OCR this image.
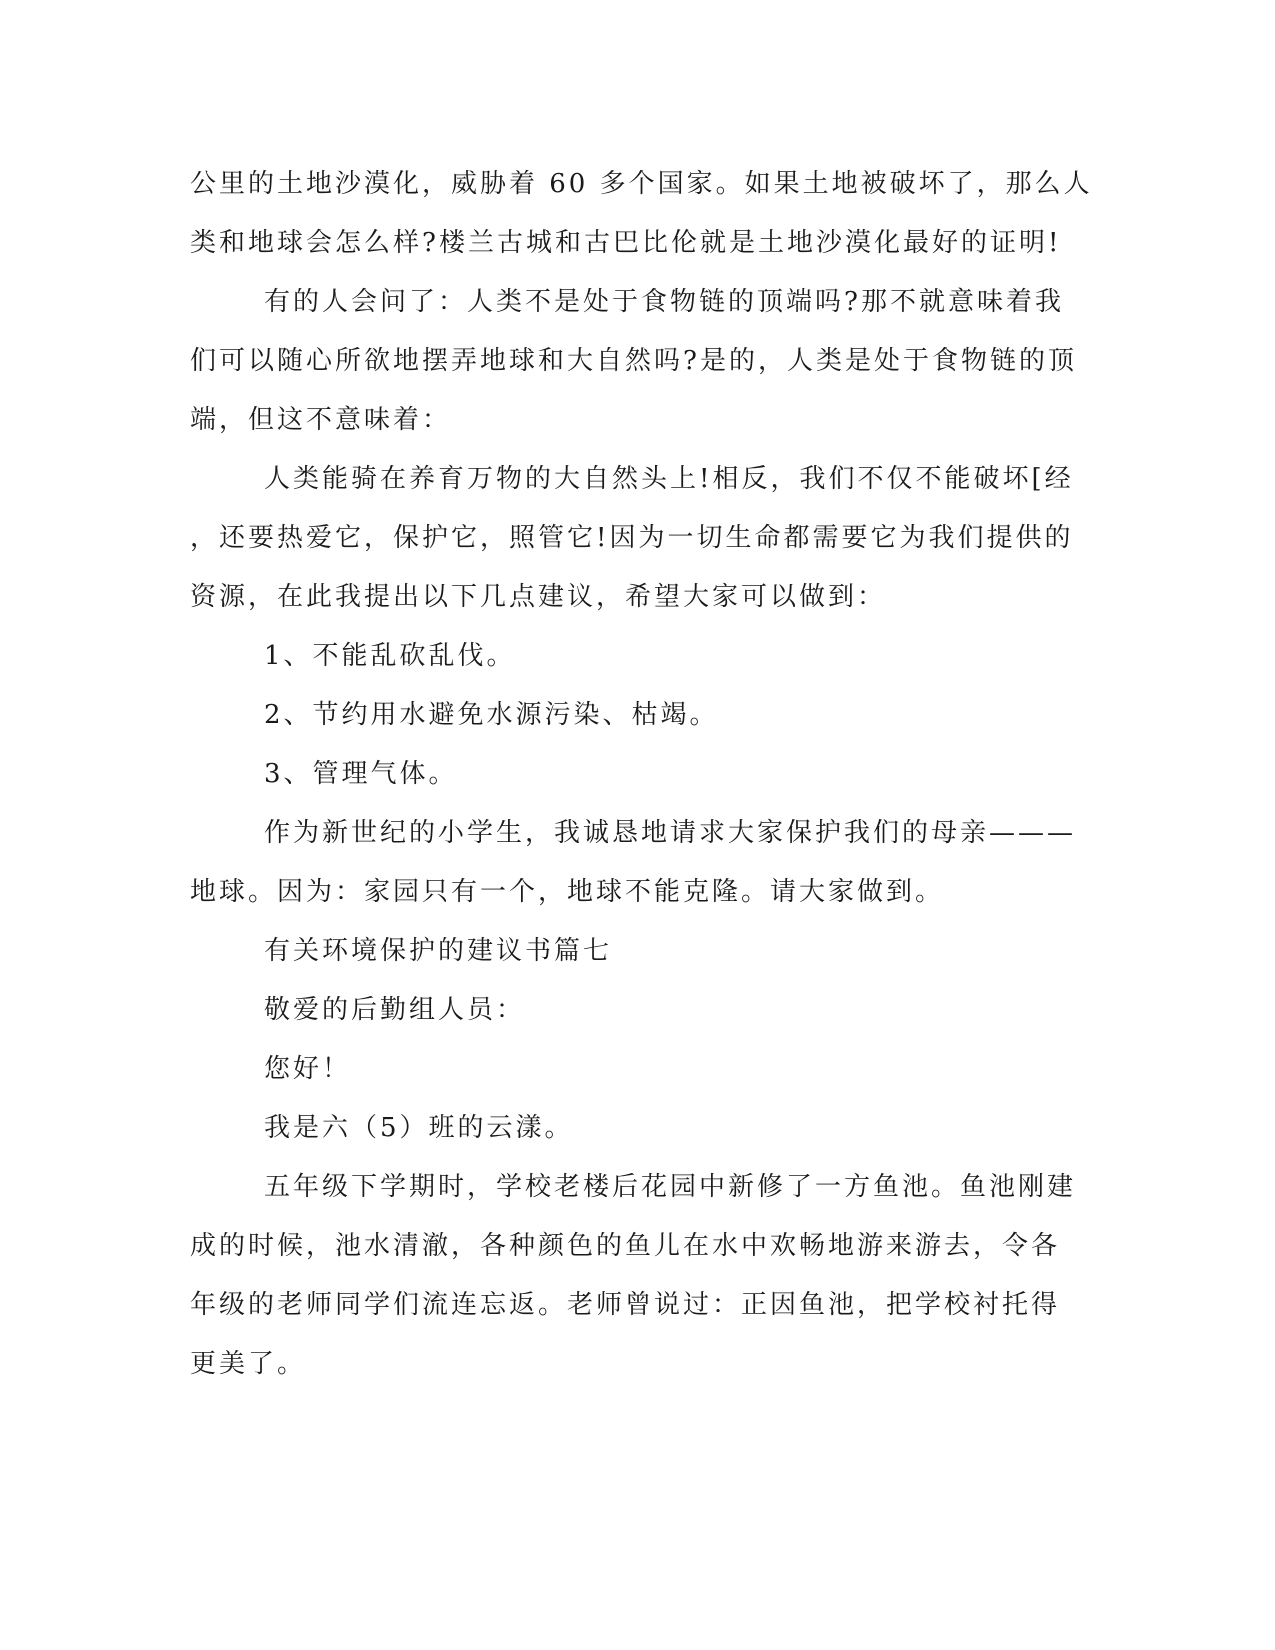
公里的土地沙漠化，威胁着 60 多个国家。如果土地被破坏了，那么人

类和地球会怎么样?楼兰古城和古巴比伦就是土地沙漠化最好的证明!

有的人会问了：人类不是处于食物链的顶端吗?那不就意味着我

们可以随心所欲地摆弄地球和大自然吗?是的，人类是处于食物链的顶

端，但这不意味着：

人类能骑在养育万物的大自然头上!相反，我们不仅不能破坏[经

，还要热爱它，保护它，照管它!因为一切生命都需要它为我们提供的

资源，在此我提出以下几点建议，希望大家可以做到：

1、不能乱砍乱伐。

2、节约用水避免水源污染、枯竭。

3、管理气体。

作为新世纪的小学生，我诚恳地请求大家保护我们的母亲———

地球。因为：家园只有一个，地球不能克隆。请大家做到。

有关环境保护的建议书篇七

敬爱的后勤组人员：

您好！

我是六（5）班的云漾。

五年级下学期时，学校老楼后花园中新修了一方鱼池。鱼池刚建

成的时候，池水清澈，各种颜色的鱼儿在水中欢畅地游来游去，令各

年级的老师同学们流连忘返。老师曾说过：正因鱼池，把学校衬托得

更美了。
